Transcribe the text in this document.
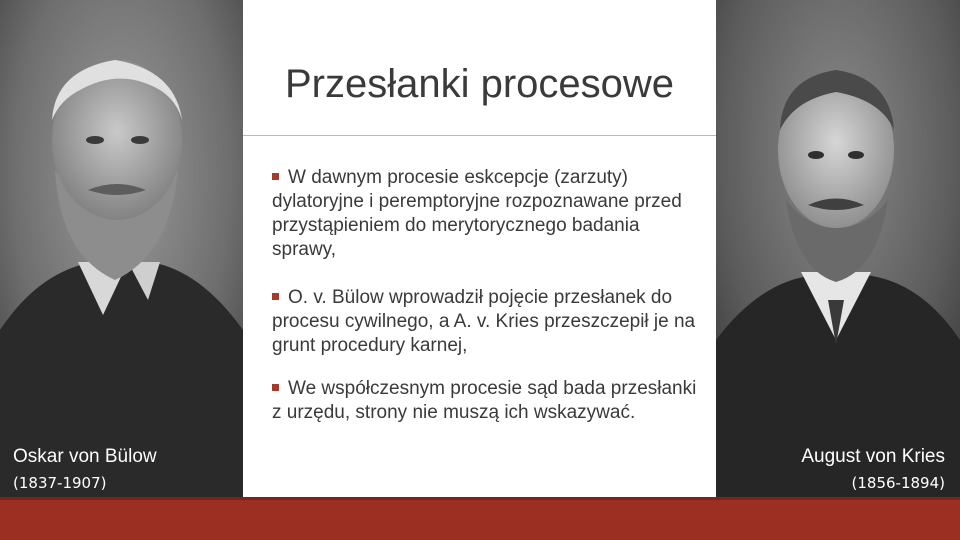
Oskar von Bülow
(1837-1907)
Przesłanki procesowe
W dawnym procesie eskcepcje (zarzuty) dylatoryjne i peremptoryjne rozpoznawane przed przystąpieniem do merytorycznego badania sprawy,
O. v. Bülow wprowadził pojęcie przesłanek do procesu cywilnego, a A. v. Kries przeszczepił je na grunt procedury karnej,
We współczesnym procesie sąd bada przesłanki z urzędu, strony nie muszą ich wskazywać.
August von Kries
(1856-1894)
